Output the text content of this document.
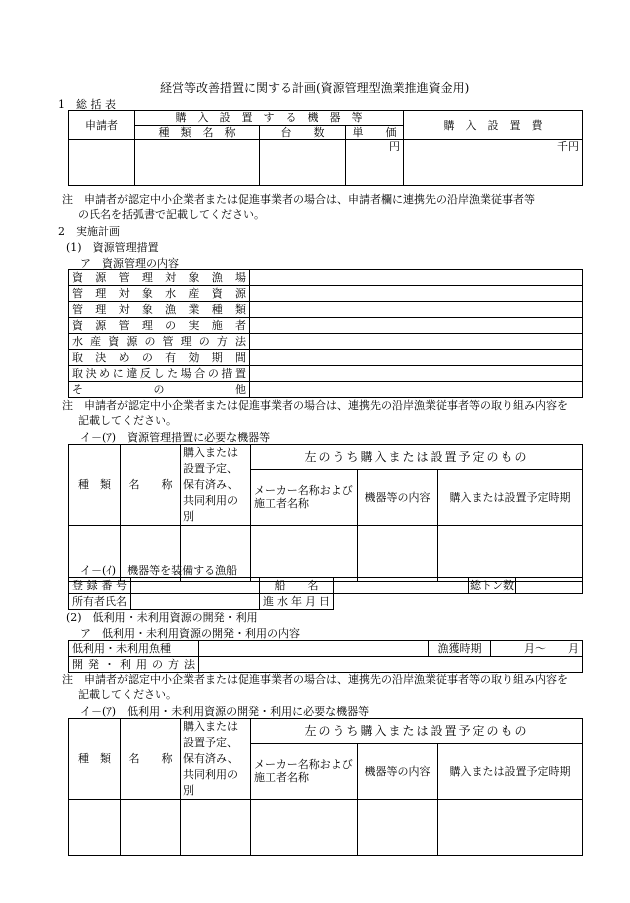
経営等改善措置に関する計画(資源管理型漁業推進資金用)
1　総 括 表
申請者	購　入　設　置　す　る　機　器　等			購　入　設　置　費
	種　類　名　称	台　　数	単　　価	
			円	千円
注　申請者が認定中小企業者または促進事業者の場合は、申請者欄に連携先の沿岸漁業従事者等
の氏名を括弧書で記載してください。
2　実施計画
(1)　資源管理措置
ア　資源管理の内容
資源管理対象漁場	
管理対象水産資源	
管理対象漁業種類	
資源管理の実施者	
水産資源の管理の方法	
取決めの有効期間	
取決めに違反した場合の措置	
そ　　　の　　　他	
注　申請者が認定中小企業者または促進事業者の場合は、連携先の沿岸漁業従事者等の取り組み内容を
記載してください。
イ－(ｱ)　資源管理措置に必要な機器等
種　類	名　　称	購入または設置予定、保有済み、共同利用の別	左のうち購入または設置予定のもの		
			メーカー名称および施工者名称	機器等の内容	購入または設置予定時期

イ－(ｲ)　機器等を装備する漁船
登録番号		船　　名	総トン数	

所有者氏名		進水年月日		
(2)　低利用・未利用資源の開発・利用
ア　低利用・未利用資源の開発・利用の内容
低利用・未利用魚種		漁獲時期	月～　　月
開発・利用の方法			
注　申請者が認定中小企業者または促進事業者の場合は、連携先の沿岸漁業従事者等の取り組み内容を
記載してください。
イ－(ｱ)　低利用・未利用資源の開発・利用に必要な機器等
種　類	名　　称	購入または設置予定、保有済み、共同利用の別	左のうち購入または設置予定のもの		
			メーカー名称および施工者名称	機器等の内容	購入または設置予定時期
